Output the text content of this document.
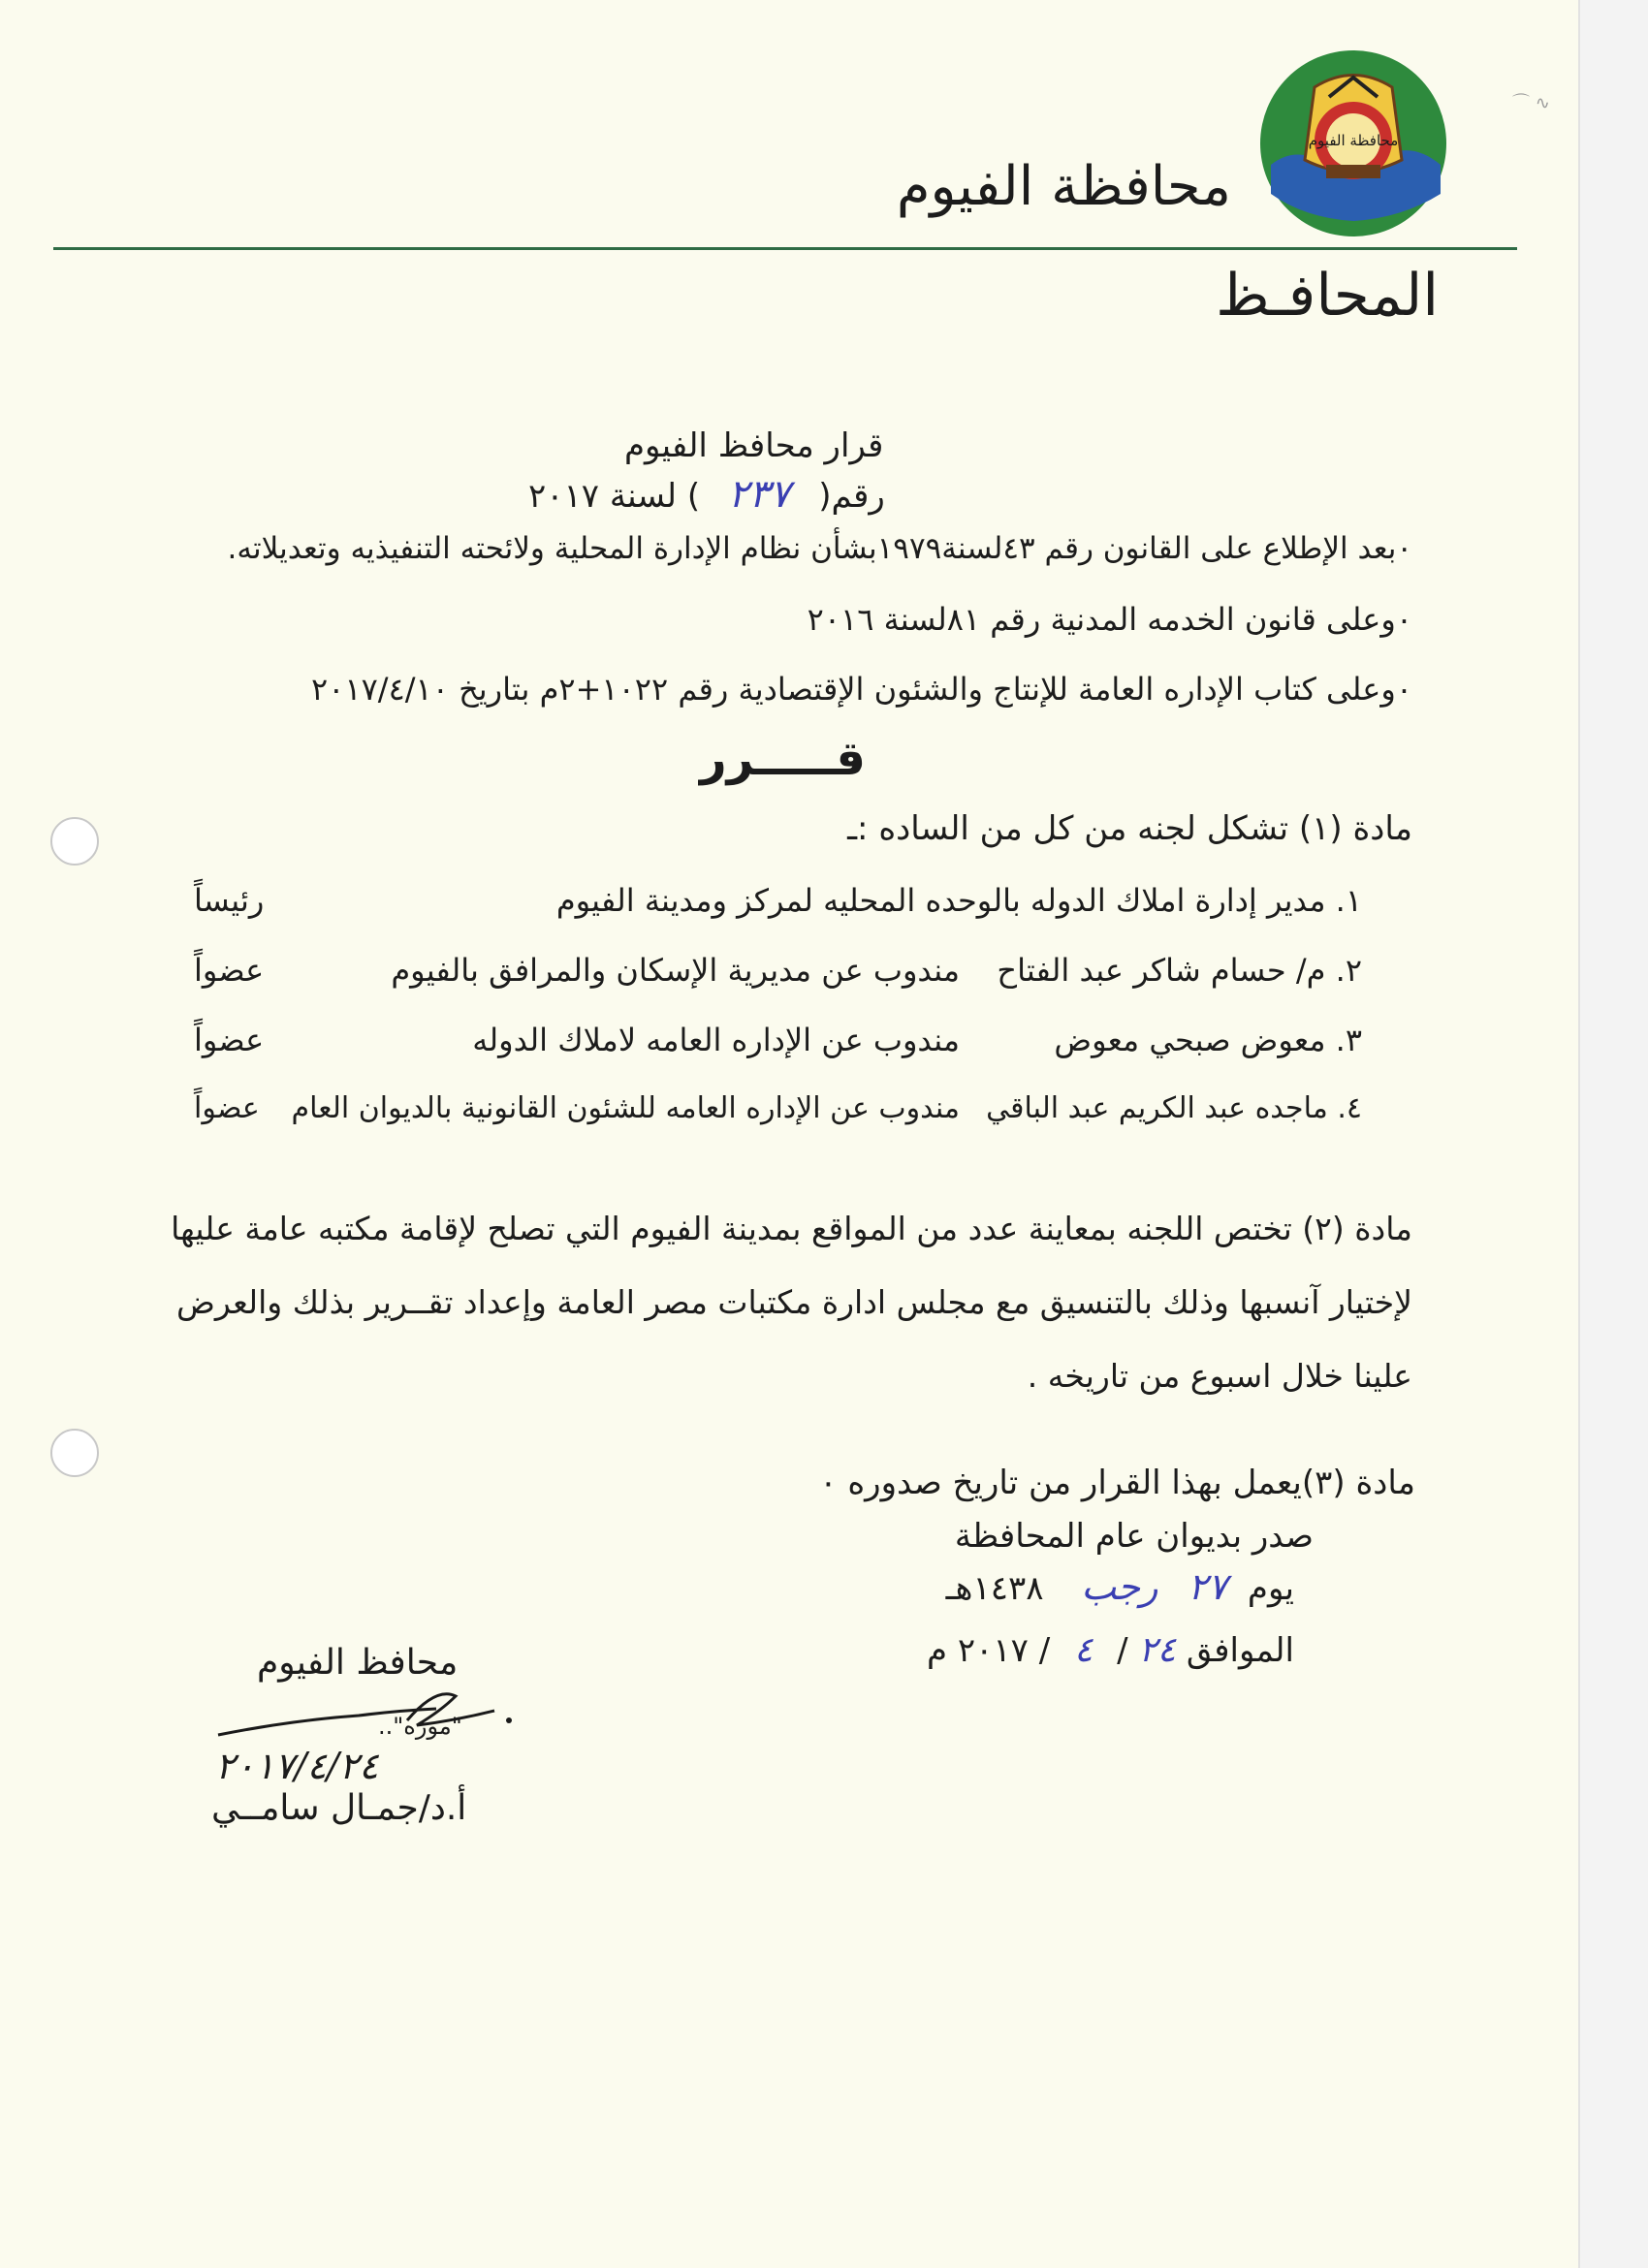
⌒ ∿
محافظة الفيوم
محافظة الفيوم
المحافـظ
قرار محافظ الفيوم
رقم( ٢٣٧ ) لسنة ٢٠١٧
٠بعد الإطلاع على القانون رقم ٤٣لسنة١٩٧٩بشأن نظام الإدارة المحلية ولائحته التنفيذيه وتعديلاته.
٠وعلى قانون الخدمه المدنية رقم ٨١لسنة ٢٠١٦
٠وعلى كتاب الإداره العامة للإنتاج والشئون الإقتصادية رقم ١٠٢٢+٢م بتاريخ ٢٠١٧/٤/١٠
قـــــرر
مادة (١) تشكل لجنه من كل من الساده :ـ
١. مدير إدارة املاك الدوله بالوحده المحليه لمركز ومدينة الفيوم
رئيساً
٢. م/ حسام شاكر عبد الفتاح
مندوب عن مديرية الإسكان والمرافق بالفيوم
عضواً
٣. معوض صبحي معوض
مندوب عن الإداره العامه لاملاك الدوله
عضواً
٤. ماجده عبد الكريم عبد الباقي
مندوب عن الإداره العامه للشئون القانونية بالديوان العام
عضواً
مادة (٢) تختص اللجنه بمعاينة عدد من المواقع بمدينة الفيوم التي تصلح لإقامة مكتبه عامة عليها لإختيار آنسبها وذلك بالتنسيق مع مجلس ادارة مكتبات مصر العامة وإعداد تقــرير بذلك والعرض علينا خلال اسبوع من تاريخه .
مادة (٣)يعمل بهذا القرار من تاريخ صدوره ٠
صدر بديوان عام المحافظة
يوم ٢٧ رجب ١٤٣٨هـ
الموافق ٢٤ / ٤ / ٢٠١٧ م
"موزه"..
محافظ الفيوم
٢٠١٧/٤/٢٤
أ.د/جمـال سامــي
